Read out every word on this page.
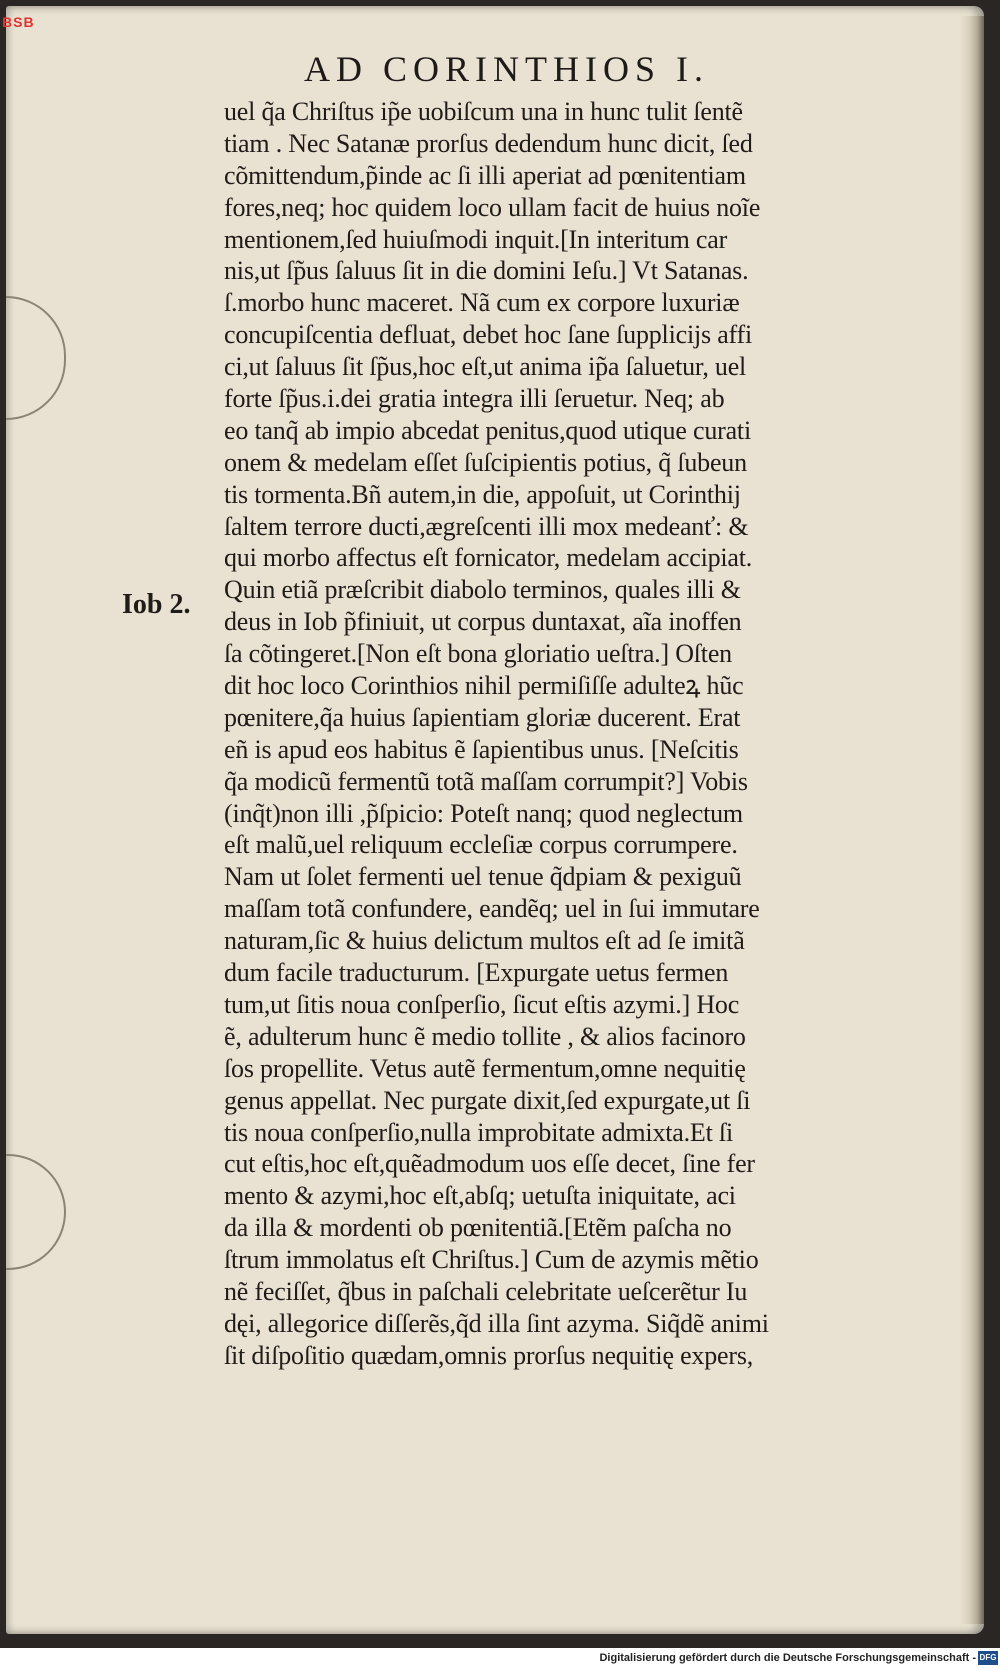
AD CORINTHIOS I.
Iob 2.
uel q̃a Chriſtus ip̃e uobiſcum una in hunc tulit ſentẽ
tiam . Nec Satanæ prorſus dedendum hunc dicit, ſed
cõmittendum,p̃inde ac ſi illi aperiat ad pœnitentiam
fores,neq; hoc quidem loco ullam facit de huius noĩe
mentionem,ſed huiuſmodi inquit.[In interitum car
nis,ut ſp̃us ſaluus ſit in die domini Ieſu.] Vt Satanas.
ſ.morbo hunc maceret. Nã cum ex corpore luxuriæ
concupiſcentia defluat, debet hoc ſane ſupplicijs affi
ci,ut ſaluus ſit ſp̃us,hoc eſt,ut anima ip̃a ſaluetur, uel
forte ſp̃us.i.dei gratia integra illi ſeruetur. Neq; ab
eo tanq̃ ab impio abcedat penitus,quod utique curati
onem & medelam eſſet ſuſcipientis potius, q̃ ſubeun
tis tormenta.Bñ autem,in die, appoſuit, ut Corinthij
ſaltem terrore ducti,ægreſcenti illi mox medeanť: &
qui morbo affectus eſt fornicator, medelam accipiat.
Quin etiã præſcribit diabolo terminos, quales illi &
deus in Iob p̃finiuit, ut corpus duntaxat, aĩa inoffen
ſa cõtingeret.[Non eſt bona gloriatio ueſtra.] Oſten
dit hoc loco Corinthios nihil permiſiſſe adulteꝝ hũc
pœnitere,q̃a huius ſapientiam gloriæ ducerent. Erat
eñ is apud eos habitus ẽ ſapientibus unus. [Neſcitis
q̃a modicũ fermentũ totã maſſam corrumpit?] Vobis
(inq̃t)non illi ,p̃ſpicio: Poteſt nanq; quod neglectum
eſt malũ,uel reliquum eccleſiæ corpus corrumpere.
Nam ut ſolet fermenti uel tenue q̃dpiam & pexiguũ
maſſam totã confundere, eandẽq; uel in ſui immutare
naturam,ſic & huius delictum multos eſt ad ſe imitã
dum facile traducturum. [Expurgate uetus fermen
tum,ut ſitis noua conſperſio, ſicut eſtis azymi.] Hoc
ẽ, adulterum hunc ẽ medio tollite , & alios facinoro
ſos propellite. Vetus autẽ fermentum,omne nequitię
genus appellat. Nec purgate dixit,ſed expurgate,ut ſi
tis noua conſperſio,nulla improbitate admixta.Et ſi
cut eſtis,hoc eſt,quẽadmodum uos eſſe decet, ſine fer
mento & azymi,hoc eſt,abſq; uetuſta iniquitate, aci
da illa & mordenti ob pœnitentiã.[Etẽm paſcha no
ſtrum immolatus eſt Chriſtus.] Cum de azymis mẽtio
nẽ feciſſet, q̃bus in paſchali celebritate ueſcerẽtur Iu
dęi, allegorice diſſerẽs,q̃d illa ſint azyma. Siq̃dẽ animi
ſit diſpoſitio quædam,omnis prorſus nequitię expers,
BSB
Digitalisierung gefördert durch die Deutsche Forschungsgemeinschaft - DFG
